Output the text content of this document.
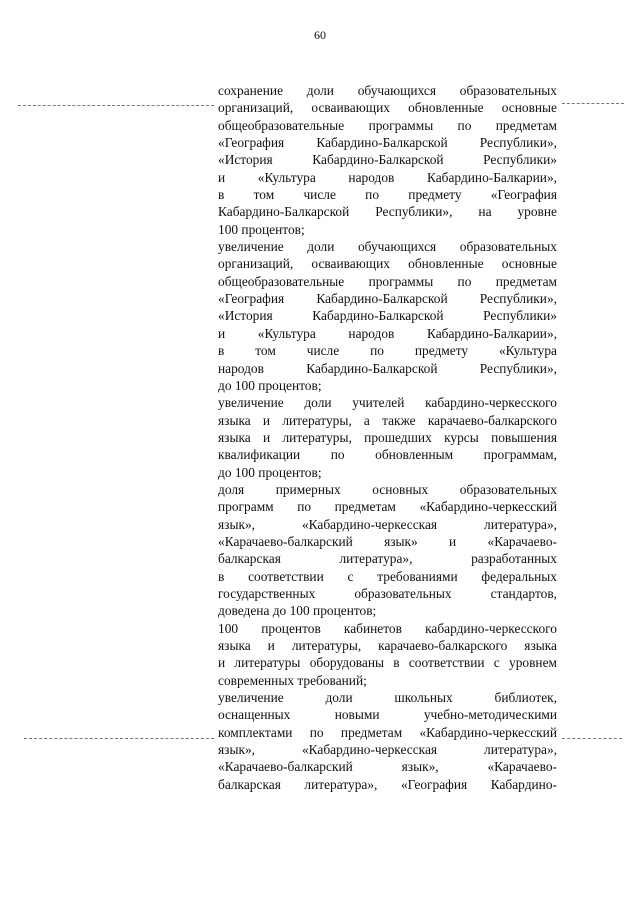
60
сохранение доли обучающихся образовательных
организаций, осваивающих обновленные основные
общеобразовательные программы по предметам
«География Кабардино-Балкарской Республики»,
«История Кабардино-Балкарской Республики»
и «Культура народов Кабардино-Балкарии»,
в том числе по предмету «География
Кабардино-Балкарской Республики», на уровне
100 процентов;
увеличение доли обучающихся образовательных
организаций, осваивающих обновленные основные
общеобразовательные программы по предметам
«География Кабардино-Балкарской Республики»,
«История Кабардино-Балкарской Республики»
и «Культура народов Кабардино-Балкарии»,
в том числе по предмету «Культура
народов Кабардино-Балкарской Республики»,
до 100 процентов;
увеличение доли учителей кабардино-черкесского
языка и литературы, а также карачаево-балкарского
языка и литературы, прошедших курсы повышения
квалификации по обновленным программам,
до 100 процентов;
доля примерных основных образовательных
программ по предметам «Кабардино-черкесский
язык», «Кабардино-черкесская литература»,
«Карачаево-балкарский язык» и «Карачаево-
балкарская литература», разработанных
в соответствии с требованиями федеральных
государственных образовательных стандартов,
доведена до 100 процентов;
100 процентов кабинетов кабардино-черкесского
языка и литературы, карачаево-балкарского языка
и литературы оборудованы в соответствии с уровнем
современных требований;
увеличение доли школьных библиотек,
оснащенных новыми учебно-методическими
комплектами по предметам «Кабардино-черкесский
язык», «Кабардино-черкесская литература»,
«Карачаево-балкарский язык», «Карачаево-
балкарская литература», «География Кабардино-
